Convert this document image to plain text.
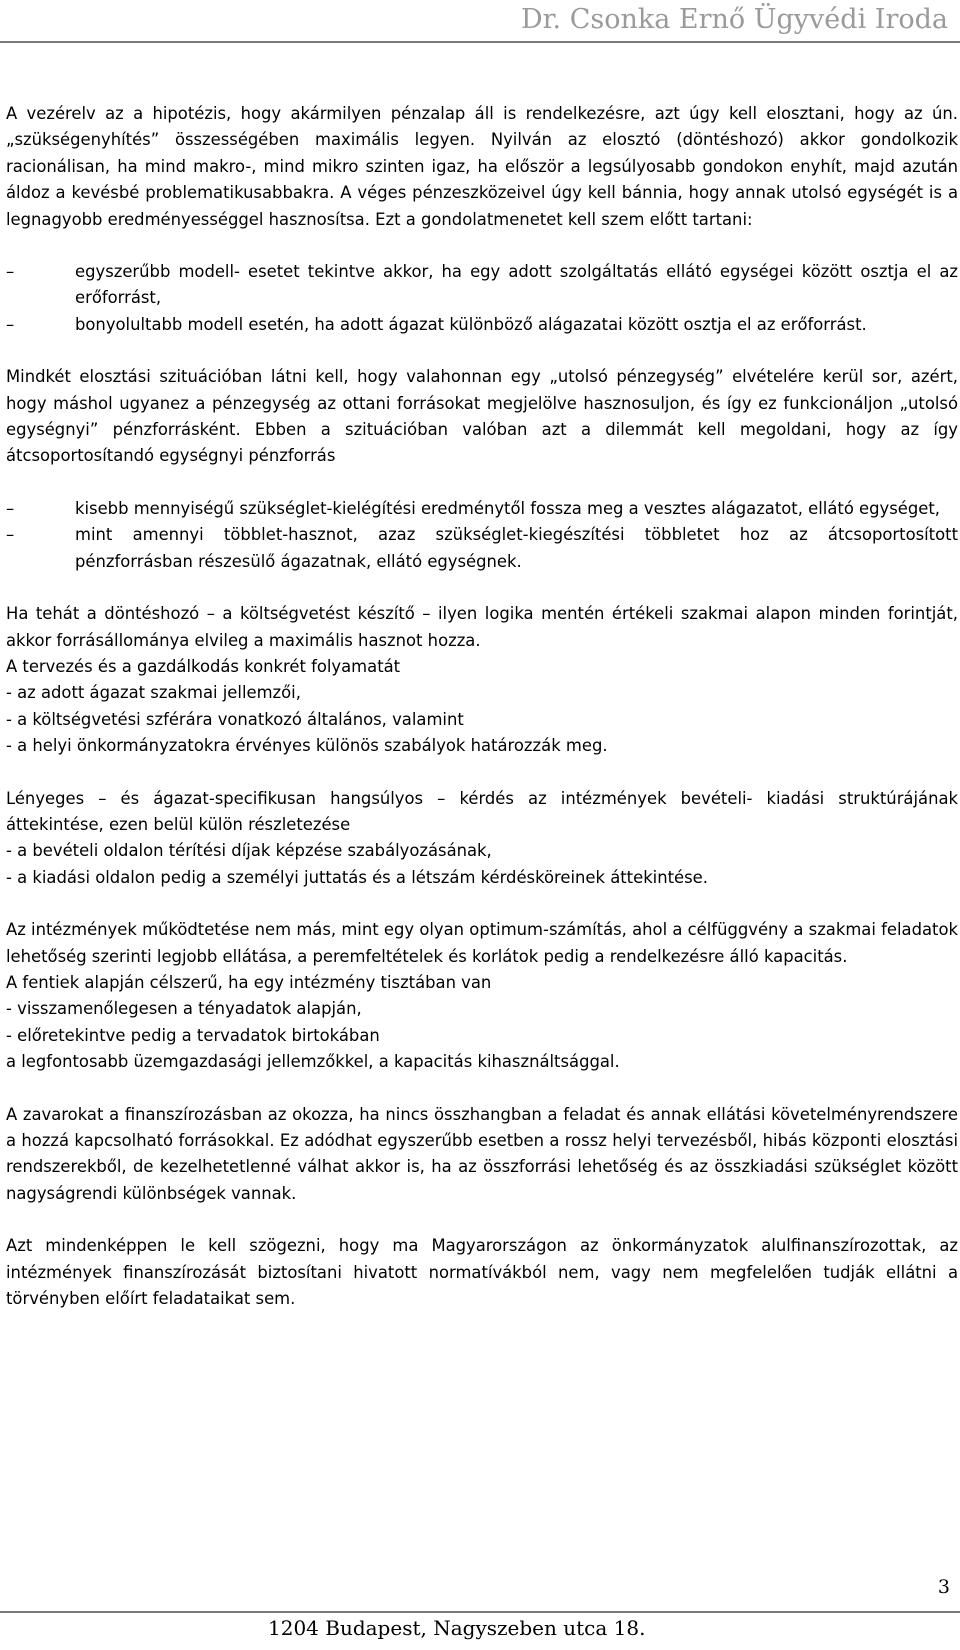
Dr. Csonka Ernő Ügyvédi Iroda

A vezérelv az a hipotézis, hogy akármilyen pénzalap áll is rendelkezésre, azt úgy kell elosztani, hogy az ún. „szükségenyhítés” összességében maximális legyen. Nyilván az elosztó (döntéshozó) akkor gondolkozik racionálisan, ha mind makro-, mind mikro szinten igaz, ha először a legsúlyosabb gondokon enyhít, majd azután áldoz a kevésbé problematikusabbakra. A véges pénzeszközeivel úgy kell bánnia, hogy annak utolsó egységét is a legnagyobb eredményességgel hasznosítsa. Ezt a gondolatmenetet kell szem előtt tartani:

–	egyszerűbb modell- esetet tekintve akkor, ha egy adott szolgáltatás ellátó egységei között osztja el az erőforrást,
–	bonyolultabb modell esetén, ha adott ágazat különböző alágazatai között osztja el az erőforrást.

Mindkét elosztási szituációban látni kell, hogy valahonnan egy „utolsó pénzegység” elvételére kerül sor, azért, hogy máshol ugyanez a pénzegység az ottani forrásokat megjelölve hasznosuljon, és így ez funkcionáljon „utolsó egységnyi” pénzforrásként. Ebben a szituációban valóban azt a dilemmát kell megoldani, hogy az így átcsoportosítandó egységnyi pénzforrás

–	kisebb mennyiségű szükséglet-kielégítési eredménytől fossza meg a vesztes alágazatot, ellátó egységet,
–	mint amennyi többlet-hasznot, azaz szükséglet-kiegészítési többletet hoz az átcsoportosított pénzforrásban részesülő ágazatnak, ellátó egységnek.

Ha tehát a döntéshozó – a költségvetést készítő – ilyen logika mentén értékeli szakmai alapon minden forintját, akkor forrásállománya elvileg a maximális hasznot hozza.

A tervezés és a gazdálkodás konkrét folyamatát

- az adott ágazat szakmai jellemzői,

- a költségvetési szférára vonatkozó általános, valamint

- a helyi önkormányzatokra érvényes különös szabályok határozzák meg.

Lényeges – és ágazat-specifikusan hangsúlyos – kérdés az intézmények bevételi- kiadási struktúrájának áttekintése, ezen belül külön részletezése

- a bevételi oldalon térítési díjak képzése szabályozásának,

- a kiadási oldalon pedig a személyi juttatás és a létszám kérdésköreinek áttekintése.

Az intézmények működtetése nem más, mint egy olyan optimum-számítás, ahol a célfüggvény a szakmai feladatok lehetőség szerinti legjobb ellátása, a peremfeltételek és korlátok pedig a rendelkezésre álló kapacitás.

A fentiek alapján célszerű, ha egy intézmény tisztában van

- visszamenőlegesen a tényadatok alapján,

- előretekintve pedig a tervadatok birtokában

a legfontosabb üzemgazdasági jellemzőkkel, a kapacitás kihasználtsággal.

A zavarokat a finanszírozásban az okozza, ha nincs összhangban a feladat és annak ellátási követelményrendszere a hozzá kapcsolható forrásokkal. Ez adódhat egyszerűbb esetben a rossz helyi tervezésből, hibás központi elosztási rendszerekből, de kezelhetetlenné válhat akkor is, ha az összforrási lehetőség és az összkiadási szükséglet között nagyságrendi különbségek vannak.

Azt mindenképpen le kell szögezni, hogy ma Magyarországon az önkormányzatok alulfinanszírozottak, az intézmények finanszírozását biztosítani hivatott normatívákból nem, vagy nem megfelelően tudják ellátni a törvényben előírt feladataikat sem.

3
1204 Budapest, Nagyszeben utca 18.
